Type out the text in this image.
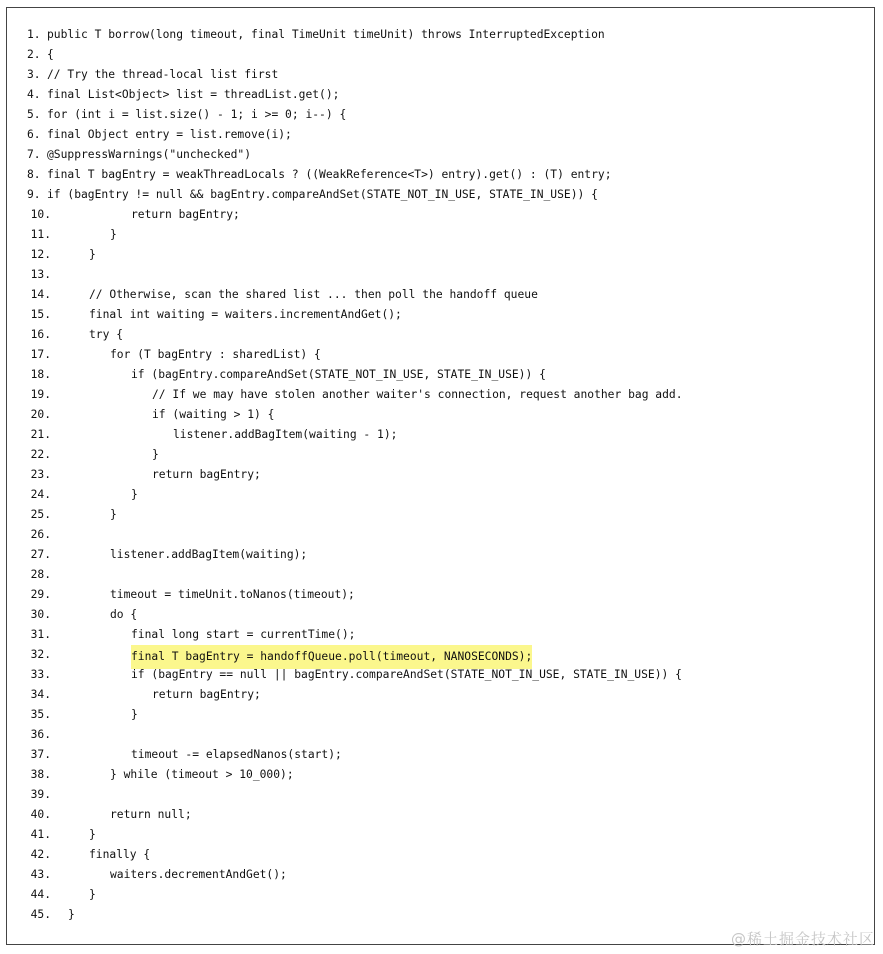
1. public T borrow(long timeout, final TimeUnit timeUnit) throws InterruptedException
2. {
3. // Try the thread-local list first
4. final List<Object> list = threadList.get();
5. for (int i = list.size() - 1; i >= 0; i--) {
6. final Object entry = list.remove(i);
7. @SuppressWarnings("unchecked")
8. final T bagEntry = weakThreadLocals ? ((WeakReference<T>) entry).get() : (T) entry;
9. if (bagEntry != null && bagEntry.compareAndSet(STATE_NOT_IN_USE, STATE_IN_USE)) {
10.	return bagEntry;
11.	}
12.	}
13.
14.	// Otherwise, scan the shared list ... then poll the handoff queue
15.	final int waiting = waiters.incrementAndGet();
16.	try {
17.	for (T bagEntry : sharedList) {
18.	if (bagEntry.compareAndSet(STATE_NOT_IN_USE, STATE_IN_USE)) {
19.	// If we may have stolen another waiter's connection, request another bag add.
20.	if (waiting > 1) {
21.	listener.addBagItem(waiting - 1);
22.	}
23.	return bagEntry;
24.	}
25.	}
26.
27.	listener.addBagItem(waiting);
28.
29.	timeout = timeUnit.toNanos(timeout);
30.	do {
31.	final long start = currentTime();
32.	final T bagEntry = handoffQueue.poll(timeout, NANOSECONDS);
33.	if (bagEntry == null || bagEntry.compareAndSet(STATE_NOT_IN_USE, STATE_IN_USE)) {
34.	return bagEntry;
35.	}
36.
37.	timeout -= elapsedNanos(start);
38.	} while (timeout > 10_000);
39.
40.	return null;
41.	}
42.	finally {
43.	waiters.decrementAndGet();
44.	}
45. }
@稀土掘金技术社区
